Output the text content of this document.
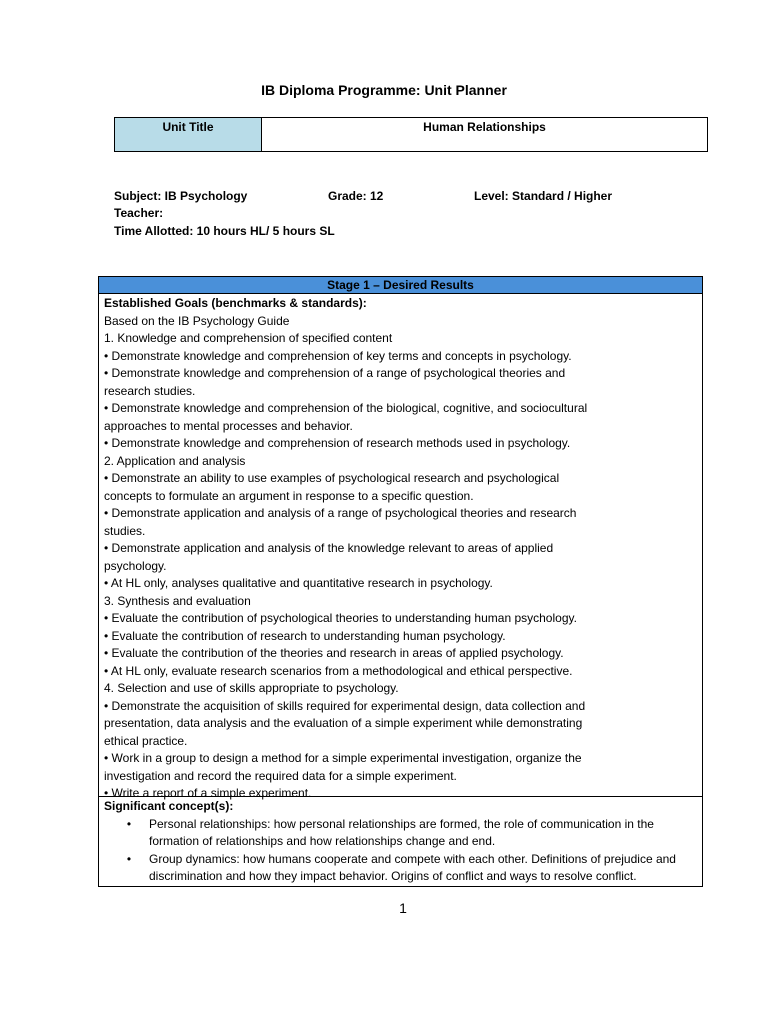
IB Diploma Programme: Unit Planner
Unit Title	Human Relationships
Subject: IB Psychology	Grade: 12	Level: Standard / Higher
Teacher:
Time Allotted: 10 hours HL/ 5 hours SL
Stage 1 – Desired Results
Established Goals (benchmarks & standards):
Based on the IB Psychology Guide
1. Knowledge and comprehension of specified content
• Demonstrate knowledge and comprehension of key terms and concepts in psychology.
• Demonstrate knowledge and comprehension of a range of psychological theories and
research studies.
• Demonstrate knowledge and comprehension of the biological, cognitive, and sociocultural
approaches to mental processes and behavior.
• Demonstrate knowledge and comprehension of research methods used in psychology.
2. Application and analysis
• Demonstrate an ability to use examples of psychological research and psychological
concepts to formulate an argument in response to a specific question.
• Demonstrate application and analysis of a range of psychological theories and research
studies.
• Demonstrate application and analysis of the knowledge relevant to areas of applied
psychology.
• At HL only, analyses qualitative and quantitative research in psychology.
3. Synthesis and evaluation
• Evaluate the contribution of psychological theories to understanding human psychology.
• Evaluate the contribution of research to understanding human psychology.
• Evaluate the contribution of the theories and research in areas of applied psychology.
• At HL only, evaluate research scenarios from a methodological and ethical perspective.
4. Selection and use of skills appropriate to psychology.
• Demonstrate the acquisition of skills required for experimental design, data collection and
presentation, data analysis and the evaluation of a simple experiment while demonstrating
ethical practice.
• Work in a group to design a method for a simple experimental investigation, organize the
investigation and record the required data for a simple experiment.
• Write a report of a simple experiment.
Significant concept(s):
•	Personal relationships: how personal relationships are formed, the role of communication in the formation of relationships and how relationships change and end.
•	Group dynamics: how humans cooperate and compete with each other. Definitions of prejudice and discrimination and how they impact behavior. Origins of conflict and ways to resolve conflict.
1
